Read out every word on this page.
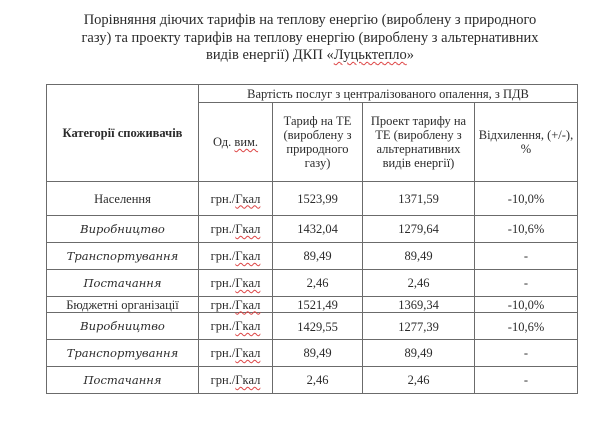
Порівняння діючих тарифів на теплову енергію (вироблену з природного
газу) та проекту тарифів на теплову енергію (вироблену з альтернативних
видів енергії) ДКП «Луцьктепло»
Категорії споживачів	Вартість послуг з централізованого опалення, з ПДВ			
	Од. вим.	Тариф на ТЕ (вироблену з природного газу)	Проект тарифу на ТЕ (вироблену з альтернативних видів енергії)	Відхилення, (+/-), %
Населення	грн./Гкал	1523,99	1371,59	-10,0%
Виробництво	грн./Гкал	1432,04	1279,64	-10,6%
Транспортування	грн./Гкал	89,49	89,49	-
Постачання	грн./Гкал	2,46	2,46	-
Бюджетні організації	грн./Гкал	1521,49	1369,34	-10,0%
Виробництво	грн./Гкал	1429,55	1277,39	-10,6%
Транспортування	грн./Гкал	89,49	89,49	-
Постачання	грн./Гкал	2,46	2,46	-
